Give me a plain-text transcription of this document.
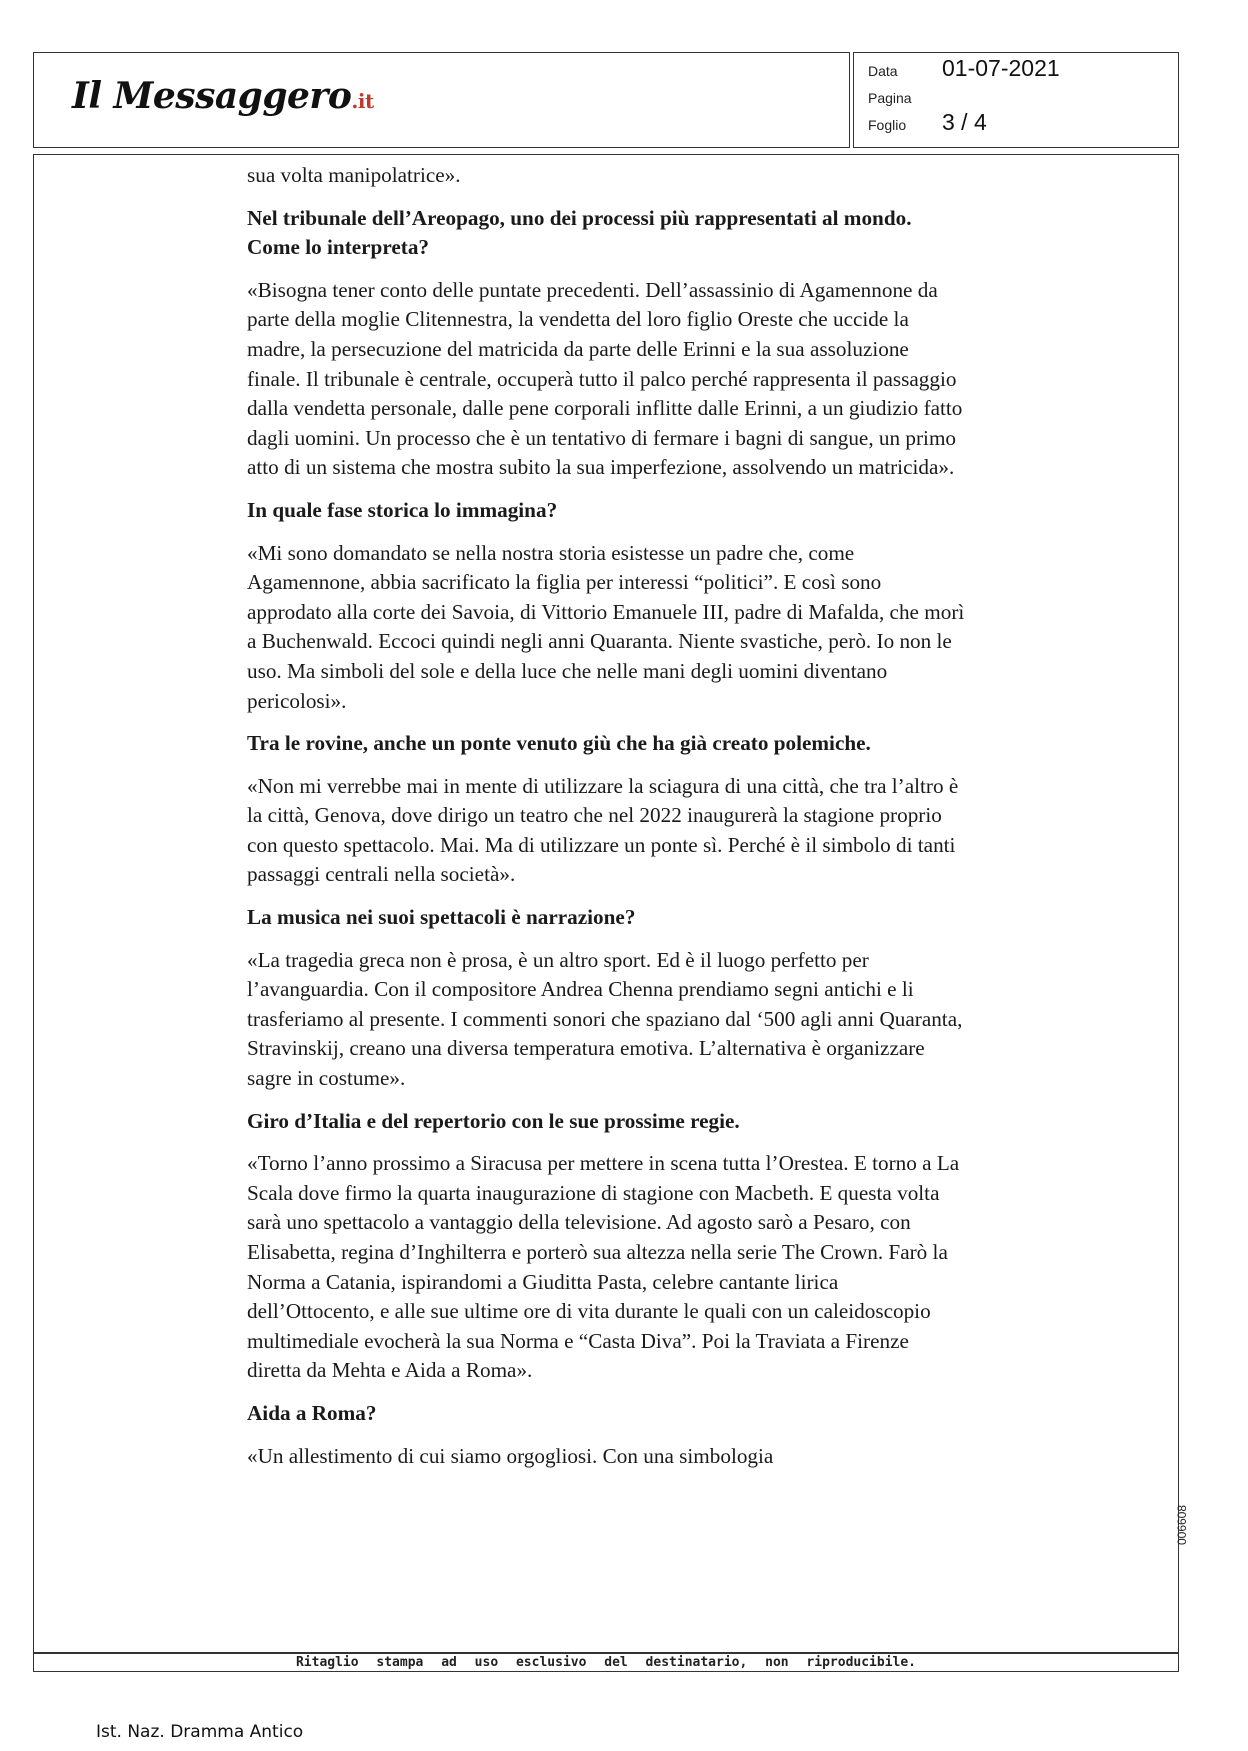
Il Messaggero.it
Data 01-07-2021
Pagina
Foglio 3 / 4

sua volta manipolatrice».

Nel tribunale dell’Areopago, uno dei processi più rappresentati al mondo. Come lo interpreta?

«Bisogna tener conto delle puntate precedenti. Dell’assassinio di Agamennone da parte della moglie Clitennestra, la vendetta del loro figlio Oreste che uccide la madre, la persecuzione del matricida da parte delle Erinni e la sua assoluzione finale. Il tribunale è centrale, occuperà tutto il palco perché rappresenta il passaggio dalla vendetta personale, dalle pene corporali inflitte dalle Erinni, a un giudizio fatto dagli uomini. Un processo che è un tentativo di fermare i bagni di sangue, un primo atto di un sistema che mostra subito la sua imperfezione, assolvendo un matricida».

In quale fase storica lo immagina?

«Mi sono domandato se nella nostra storia esistesse un padre che, come Agamennone, abbia sacrificato la figlia per interessi “politici”. E così sono approdato alla corte dei Savoia, di Vittorio Emanuele III, padre di Mafalda, che morì a Buchenwald. Eccoci quindi negli anni Quaranta. Niente svastiche, però. Io non le uso. Ma simboli del sole e della luce che nelle mani degli uomini diventano pericolosi».

Tra le rovine, anche un ponte venuto giù che ha già creato polemiche.

«Non mi verrebbe mai in mente di utilizzare la sciagura di una città, che tra l’altro è la città, Genova, dove dirigo un teatro che nel 2022 inaugurerà la stagione proprio con questo spettacolo. Mai. Ma di utilizzare un ponte sì. Perché è il simbolo di tanti passaggi centrali nella società».

La musica nei suoi spettacoli è narrazione?

«La tragedia greca non è prosa, è un altro sport. Ed è il luogo perfetto per l’avanguardia. Con il compositore Andrea Chenna prendiamo segni antichi e li trasferiamo al presente. I commenti sonori che spaziano dal ‘500 agli anni Quaranta, Stravinskij, creano una diversa temperatura emotiva. L’alternativa è organizzare sagre in costume».

Giro d’Italia e del repertorio con le sue prossime regie.

«Torno l’anno prossimo a Siracusa per mettere in scena tutta l’Orestea. E torno a La Scala dove firmo la quarta inaugurazione di stagione con Macbeth. E questa volta sarà uno spettacolo a vantaggio della televisione. Ad agosto sarò a Pesaro, con Elisabetta, regina d’Inghilterra e porterò sua altezza nella serie The Crown. Farò la Norma a Catania, ispirandomi a Giuditta Pasta, celebre cantante lirica dell’Ottocento, e alle sue ultime ore di vita durante le quali con un caleidoscopio multimediale evocherà la sua Norma e “Casta Diva”. Poi la Traviata a Firenze diretta da Mehta e Aida a Roma».

Aida a Roma?

«Un allestimento di cui siamo orgogliosi. Con una simbologia

Ritaglio stampa ad uso esclusivo del destinatario, non riproducibile.
006608
Ist. Naz. Dramma Antico
